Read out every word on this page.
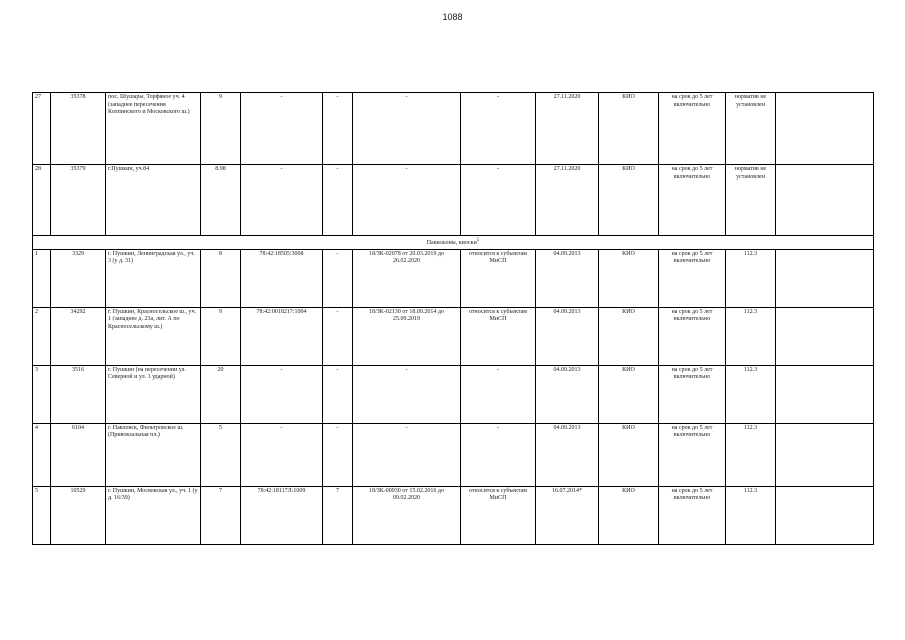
1088
27	35378	пос. Шушары, Торфяное уч. 4 (западнее пересечения Колпинского и Московского ш.)	9	-	-	-	-	27.11.2020	КИО	на срок до 5 лет включительно	норматив не установлен	
28	35379	г.Пушкин, уч.84	8.98	-	-	-	-	27.11.2020	КИО	на срок до 5 лет включительно	норматив не установлен	
Павильоны, киоски$^5$
1	3329	г. Пушкин, Ленинградская ул., уч. 3 (у д. 31)	8	78:42:18505:3008	-	18/ЗК-02078 от 20.03.2019 до 26.02.2020	относится к субъектам МиСП	04.09.2013	КИО	на срок до 5 лет включительно	112.3	
2	34292	г. Пушкин, Красносельское ш., уч. 1 (западнее д. 23а, лит. А по Красносельскому ш.)	9	78:42:0018217:1004	-	18/ЗК-02130 от 18.09.2014 до 25.09.2019	относится к субъектам МиСП	04.09.2013	КИО	на срок до 5 лет включительно	112.3	
3	3516	г. Пушкин (на пересечении ул. Северной и ул. 1 ударной)	20	-	-	-	-	04.09.2013	КИО	на срок до 5 лет включительно	112.3	
4	6104	г. Павловск, Фильтровское ш. (Привокзальная пл.)	5	-	-	-	-	04.09.2013	КИО	на срок до 5 лет включительно	112.3	
5	10529	г. Пушкин, Московская ул., уч. 1 (у д. 16/39)	7	78:42:18117Л:1009	7	18/ЗК-00930 от 15.02.2016 до 09.02.2020	относится к субъектам МиСП	16.07.2014*	КИО	на срок до 5 лет включительно	112.3	
